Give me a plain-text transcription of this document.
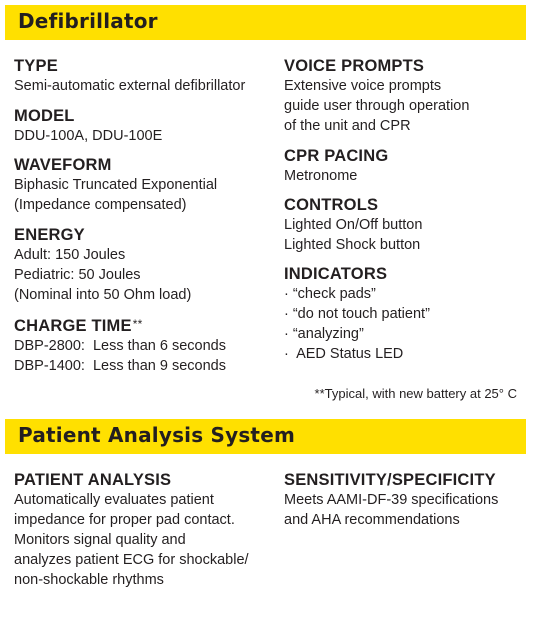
Defibrillator

TYPE

Semi-automatic external defibrillator

MODEL

DDU-100A, DDU-100E

WAVEFORM

Biphasic Truncated Exponential

(Impedance compensated)

ENERGY

Adult: 150 Joules

Pediatric: 50 Joules

(Nominal into 50 Ohm load)

CHARGE TIME**

DBP-2800:  Less than 6 seconds

DBP-1400:  Less than 9 seconds

VOICE PROMPTS

Extensive voice prompts

guide user through operation

of the unit and CPR

CPR PACING

Metronome

CONTROLS

Lighted On/Off button

Lighted Shock button

INDICATORS

· “check pads”

· “do not touch patient”

· “analyzing”

·  AED Status LED

**Typical, with new battery at 25° C
Patient Analysis System

PATIENT ANALYSIS

Automatically evaluates patient

impedance for proper pad contact.

Monitors signal quality and

analyzes patient ECG for shockable/

non-shockable rhythms

SENSITIVITY/SPECIFICITY

Meets AAMI-DF-39 specifications

and AHA recommendations
